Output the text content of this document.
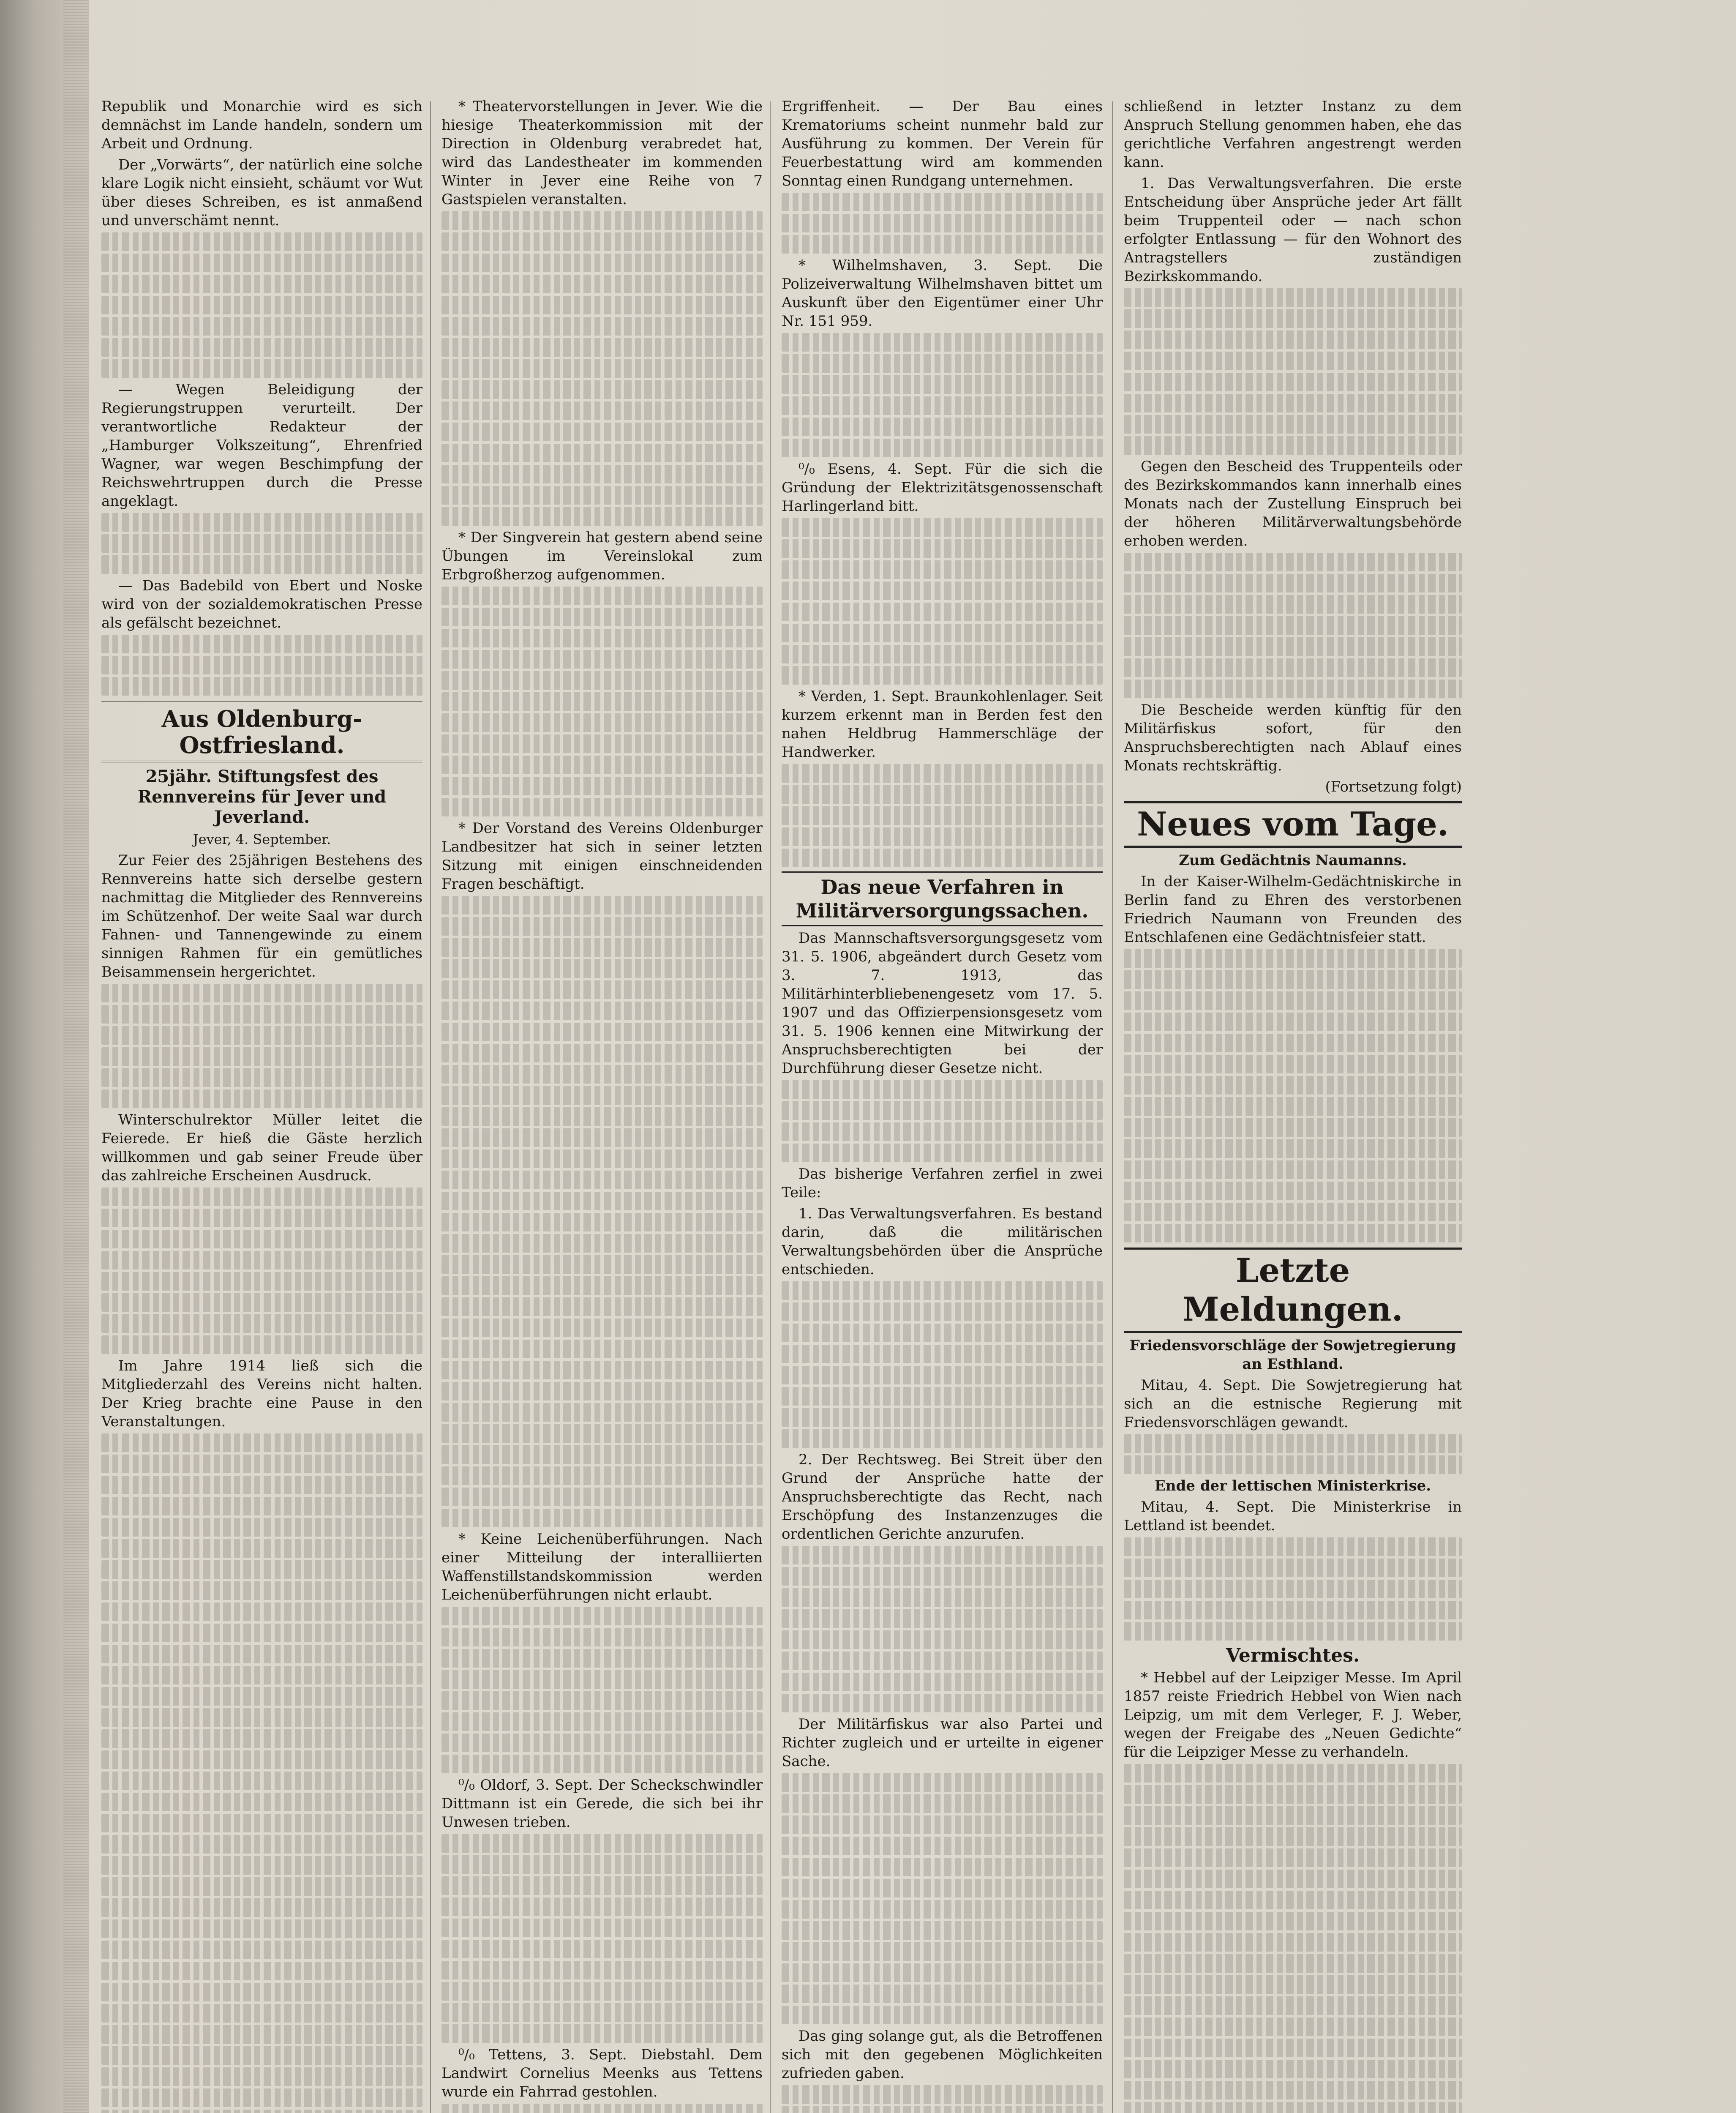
Republik und Monarchie wird es sich demnächst im Lande handeln, sondern um Arbeit und Ordnung.

Der „Vorwärts“, der natürlich eine solche klare Logik nicht einsieht, schäumt vor Wut über dieses Schreiben, es ist anmaßend und unverschämt nennt.

— Wegen Beleidigung der Regierungstruppen verurteilt. Der verantwortliche Redakteur der „Hamburger Volkszeitung“, Ehrenfried Wagner, war wegen Beschimpfung der Reichswehrtruppen durch die Presse angeklagt.

— Das Badebild von Ebert und Noske wird von der sozialdemokratischen Presse als gefälscht bezeichnet.

Aus Oldenburg-Ostfriesland.
25jähr. Stiftungsfest des Rennvereins für Jever und Jeverland.
Jever, 4. September.

Zur Feier des 25jährigen Bestehens des Rennvereins hatte sich derselbe gestern nachmittag die Mitglieder des Rennvereins im Schützenhof. Der weite Saal war durch Fahnen- und Tannengewinde zu einem sinnigen Rahmen für ein gemütliches Beisammensein hergerichtet.

Winterschulrektor Müller leitet die Feierede. Er hieß die Gäste herzlich willkommen und gab seiner Freude über das zahlreiche Erscheinen Ausdruck.

Im Jahre 1914 ließ sich die Mitgliederzahl des Vereins nicht halten. Der Krieg brachte eine Pause in den Veranstaltungen.

* Theatervorstellungen in Jever. Wie die hiesige Theaterkommission mit der Direction in Oldenburg verabredet hat, wird das Landestheater im kommenden Winter in Jever eine Reihe von 7 Gastspielen veranstalten.

* Der Singverein hat gestern abend seine Übungen im Vereinslokal zum Erbgroßherzog aufgenommen.

* Der Vorstand des Vereins Oldenburger Landbesitzer hat sich in seiner letzten Sitzung mit einigen einschneidenden Fragen beschäftigt.

* Keine Leichenüberführungen. Nach einer Mitteilung der interalliierten Waffenstillstandskommission werden Leichenüberführungen nicht erlaubt.

⁰/₀ Oldorf, 3. Sept. Der Scheckschwindler Dittmann ist ein Gerede, die sich bei ihr Unwesen trieben.

⁰/₀ Tettens, 3. Sept. Diebstahl. Dem Landwirt Cornelius Meenks aus Tettens wurde ein Fahrrad gestohlen.

Ergriffenheit. — Der Bau eines Krematoriums scheint nunmehr bald zur Ausführung zu kommen. Der Verein für Feuerbestattung wird am kommenden Sonntag einen Rundgang unternehmen.

* Wilhelmshaven, 3. Sept. Die Polizeiverwaltung Wilhelmshaven bittet um Auskunft über den Eigentümer einer Uhr Nr. 151 959.

⁰/₀ Esens, 4. Sept. Für die sich die Gründung der Elektrizitätsgenossenschaft Harlingerland bitt.

* Verden, 1. Sept. Braunkohlenlager. Seit kurzem erkennt man in Berden fest den nahen Heldbrug Hammerschläge der Handwerker.

Das neue Verfahren in Militärversorgungssachen.

Das Mannschaftsversorgungsgesetz vom 31. 5. 1906, abgeändert durch Gesetz vom 3. 7. 1913, das Militärhinterbliebenengesetz vom 17. 5. 1907 und das Offizierpensionsgesetz vom 31. 5. 1906 kennen eine Mitwirkung der Anspruchsberechtigten bei der Durchführung dieser Gesetze nicht.

Das bisherige Verfahren zerfiel in zwei Teile:

1. Das Verwaltungsverfahren. Es bestand darin, daß die militärischen Verwaltungsbehörden über die Ansprüche entschieden.

2. Der Rechtsweg. Bei Streit über den Grund der Ansprüche hatte der Anspruchsberechtigte das Recht, nach Erschöpfung des Instanzenzuges die ordentlichen Gerichte anzurufen.

Der Militärfiskus war also Partei und Richter zugleich und er urteilte in eigener Sache.

Das ging solange gut, als die Betroffenen sich mit den gegebenen Möglichkeiten zufrieden gaben.

schließend in letzter Instanz zu dem Anspruch Stellung genommen haben, ehe das gerichtliche Verfahren angestrengt werden kann.

1. Das Verwaltungsverfahren. Die erste Entscheidung über Ansprüche jeder Art fällt beim Truppenteil oder — nach schon erfolgter Entlassung — für den Wohnort des Antragstellers zuständigen Bezirkskommando.

Gegen den Bescheid des Truppenteils oder des Bezirkskommandos kann innerhalb eines Monats nach der Zustellung Einspruch bei der höheren Militärverwaltungsbehörde erhoben werden.

Die Bescheide werden künftig für den Militärfiskus sofort, für den Anspruchsberechtigten nach Ablauf eines Monats rechtskräftig.

(Fortsetzung folgt)

Neues vom Tage.
Zum Gedächtnis Naumanns.

In der Kaiser-Wilhelm-Gedächtniskirche in Berlin fand zu Ehren des verstorbenen Friedrich Naumann von Freunden des Entschlafenen eine Gedächtnisfeier statt.

Letzte Meldungen.
Friedensvorschläge der Sowjetregierung an Esthland.

Mitau, 4. Sept. Die Sowjetregierung hat sich an die estnische Regierung mit Friedensvorschlägen gewandt.

Ende der lettischen Ministerkrise.

Mitau, 4. Sept. Die Ministerkrise in Lettland ist beendet.

Vermischtes.

* Hebbel auf der Leipziger Messe. Im April 1857 reiste Friedrich Hebbel von Wien nach Leipzig, um mit dem Verleger, F. J. Weber, wegen der Freigabe des „Neuen Gedichte“ für die Leipziger Messe zu verhandeln.
